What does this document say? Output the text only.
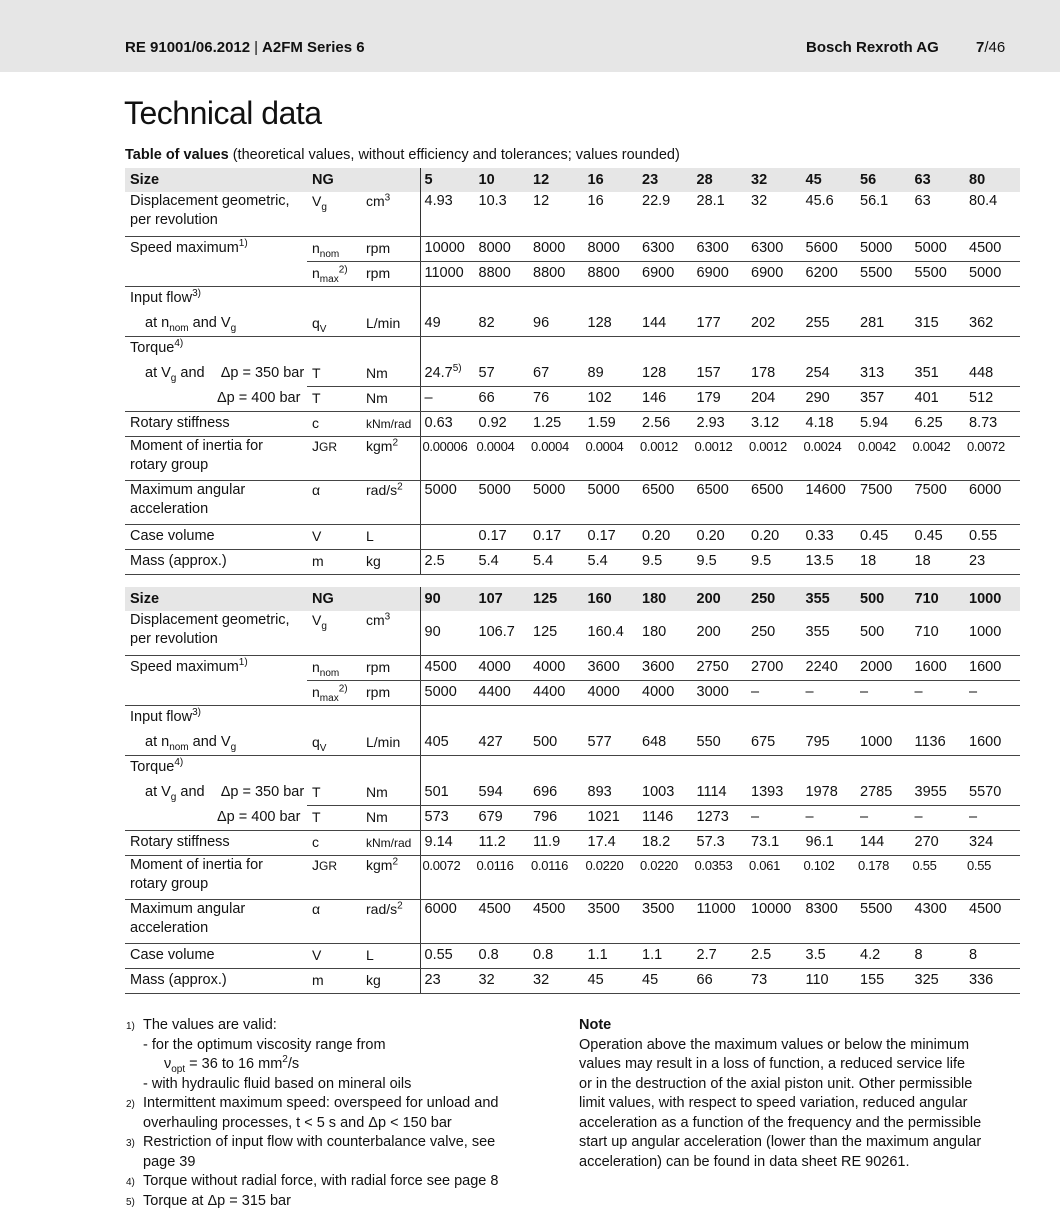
RE 91001/06.2012 | A2FM Series 6	Bosch Rexroth AG 7/46
Technical data
Table of values (theoretical values, without efficiency and tolerances; values rounded)
Size	NG		5	10	12	16	23	28	32	45	56	63	80
Displacement geometric,
per revolution	$V_g$	$cm^3$	4.93	10.3	12	16	22.9	28.1	32	45.6	56.1	63	80.4
Speed maximum$^{1)}$	$n_{nom}$	rpm	10000	8000	8000	8000	6300	6300	6300	5600	5000	5000	4500
	$n_{max}^{2)}$	rpm	11000	8800	8800	8800	6900	6900	6900	6200	5500	5500	5000
Input flow$^{3)}$													
at $n_{nom}$ and $V_g$	$q_V$	L/min	49	82	96	128	144	177	202	255	281	315	362
Torque$^{4)}$													
at $V_g$ and Δp = 350 bar	T	Nm	24.7$^{5)}$	57	67	89	128	157	178	254	313	351	448
Δp = 400 bar	T	Nm	–	66	76	102	146	179	204	290	357	401	512
Rotary stiffness	c	kNm/rad	0.63	0.92	1.25	1.59	2.56	2.93	3.12	4.18	5.94	6.25	8.73
Moment of inertia for
rotary group	JGR	kgm$^2$	0.00006	0.0004	0.0004	0.0004	0.0012	0.0012	0.0012	0.0024	0.0042	0.0042	0.0072
Maximum angular
acceleration	α	rad/$s^2$	5000	5000	5000	5000	6500	6500	6500	14600	7500	7500	6000
Case volume	V	L		0.17	0.17	0.17	0.20	0.20	0.20	0.33	0.45	0.45	0.55
Mass (approx.)	m	kg	2.5	5.4	5.4	5.4	9.5	9.5	9.5	13.5	18	18	23
Size	NG		90	107	125	160	180	200	250	355	500	710	1000
Displacement geometric,
per revolution	$V_g$	$cm^3$	90	106.7	125	160.4	180	200	250	355	500	710	1000
Speed maximum$^{1)}$	$n_{nom}$	rpm	4500	4000	4000	3600	3600	2750	2700	2240	2000	1600	1600
	$n_{max}^{2)}$	rpm	5000	4400	4400	4000	4000	3000	–	–	–	–	–
Input flow$^{3)}$													
at $n_{nom}$ and $V_g$	$q_V$	L/min	405	427	500	577	648	550	675	795	1000	1136	1600
Torque$^{4)}$													
at $V_g$ and Δp = 350 bar	T	Nm	501	594	696	893	1003	1114	1393	1978	2785	3955	5570
Δp = 400 bar	T	Nm	573	679	796	1021	1146	1273	–	–	–	–	–
Rotary stiffness	c	kNm/rad	9.14	11.2	11.9	17.4	18.2	57.3	73.1	96.1	144	270	324
Moment of inertia for
rotary group	JGR	kgm$^2$	0.0072	0.0116	0.0116	0.0220	0.0220	0.0353	0.061	0.102	0.178	0.55	0.55
Maximum angular
acceleration	α	rad/$s^2$	6000	4500	4500	3500	3500	11000	10000	8300	5500	4300	4500
Case volume	V	L	0.55	0.8	0.8	1.1	1.1	2.7	2.5	3.5	4.2	8	8
Mass (approx.)	m	kg	23	32	32	45	45	66	73	110	155	325	336
1) The values are valid:
- for the optimum viscosity range from
$\nu_{opt} = 36$ to 16 $mm^2/s$
- with hydraulic fluid based on mineral oils
2) Intermittent maximum speed: overspeed for unload and
overhauling processes, t < 5 s and Δp < 150 bar
3) Restriction of input flow with counterbalance valve, see
page 39
4) Torque without radial force, with radial force see page 8
5) Torque at Δp = 315 bar
Note
Operation above the maximum values or below the minimum
values may result in a loss of function, a reduced service life
or in the destruction of the axial piston unit. Other permissible
limit values, with respect to speed variation, reduced angular
acceleration as a function of the frequency and the permissible
start up angular acceleration (lower than the maximum angular
acceleration) can be found in data sheet RE 90261.
